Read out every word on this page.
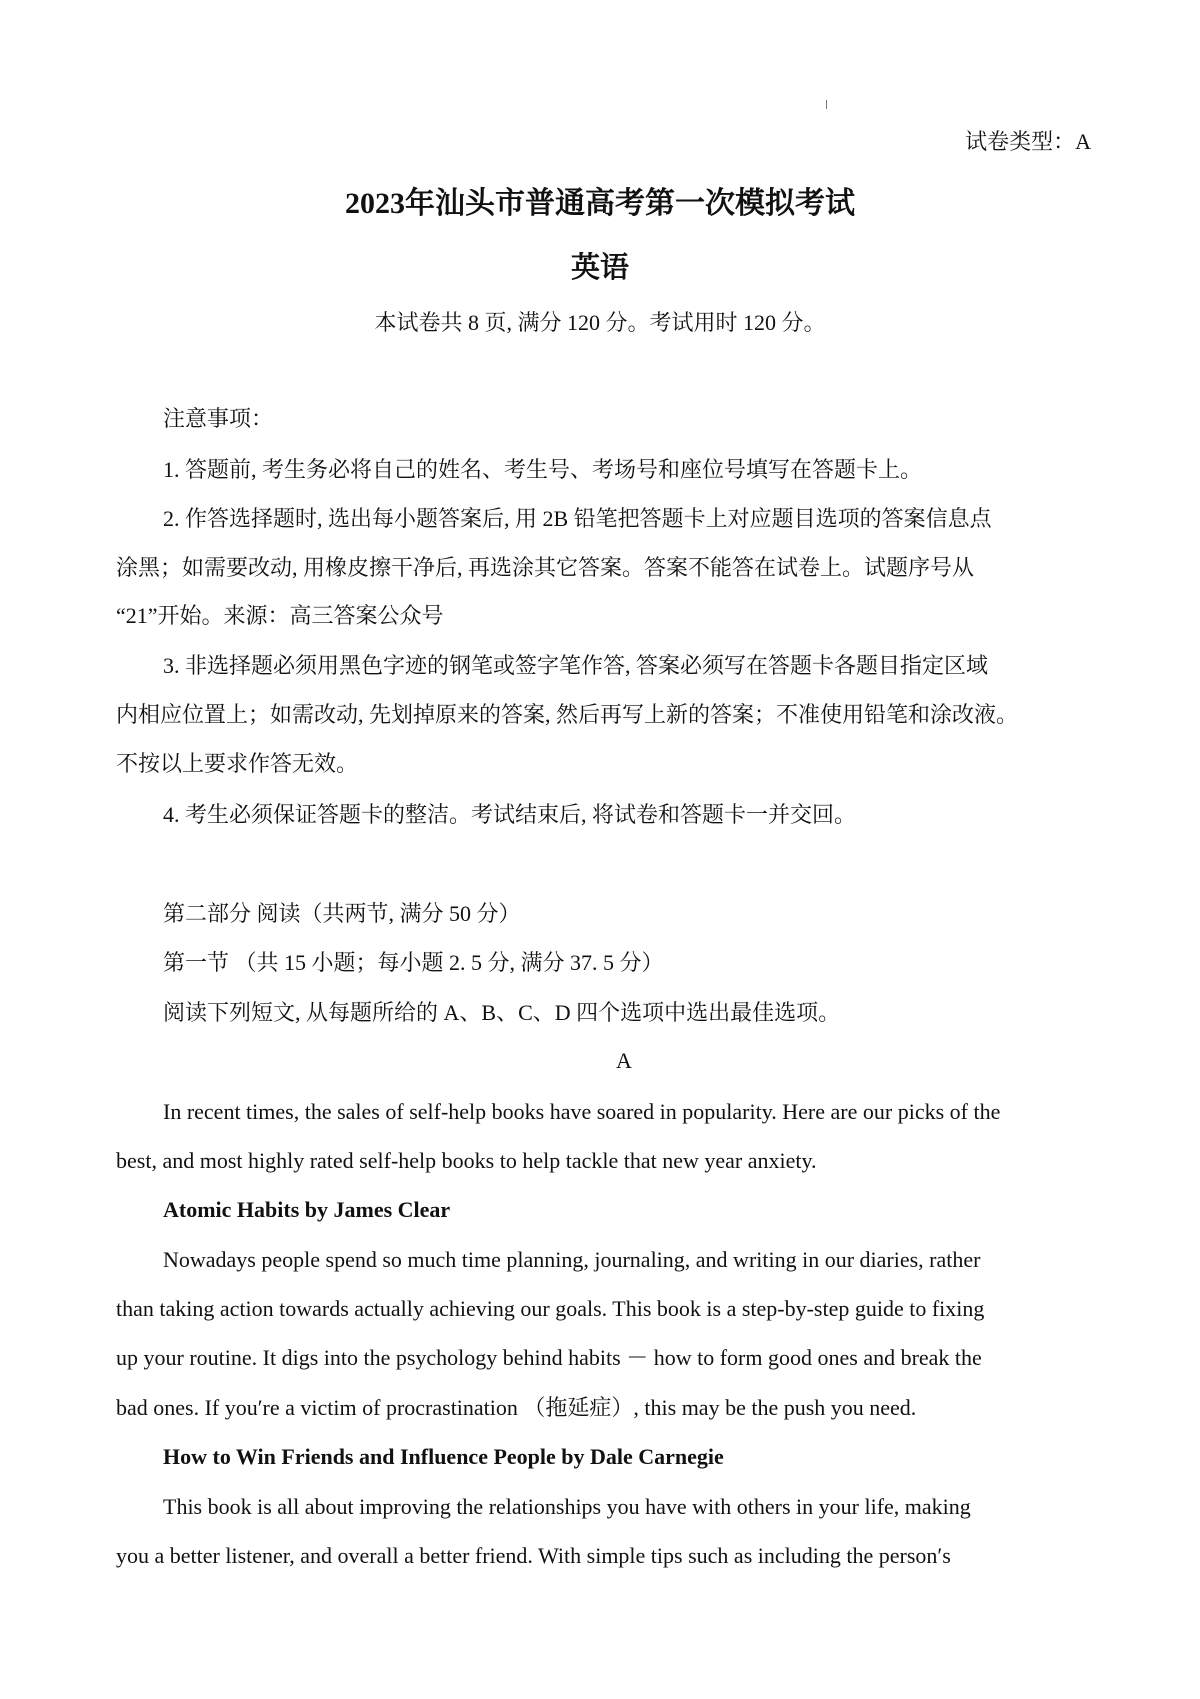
试卷类型：A
2023年汕头市普通高考第一次模拟考试
英语
本试卷共 8 页, 满分 120 分。考试用时 120 分。
注意事项：
1. 答题前, 考生务必将自己的姓名、考生号、考场号和座位号填写在答题卡上。
2. 作答选择题时, 选出每小题答案后, 用 2B 铅笔把答题卡上对应题目选项的答案信息点
涂黑；如需要改动, 用橡皮擦干净后, 再选涂其它答案。答案不能答在试卷上。试题序号从
“21”开始。来源：高三答案公众号
3. 非选择题必须用黑色字迹的钢笔或签字笔作答, 答案必须写在答题卡各题目指定区域
内相应位置上；如需改动, 先划掉原来的答案, 然后再写上新的答案；不准使用铅笔和涂改液。
不按以上要求作答无效。
4. 考生必须保证答题卡的整洁。考试结束后, 将试卷和答题卡一并交回。
第二部分 阅读（共两节, 满分 50 分）
第一节 （共 15 小题；每小题 2. 5 分, 满分 37. 5 分）
阅读下列短文, 从每题所给的 A、B、C、D 四个选项中选出最佳选项。
A
In recent times, the sales of self-help books have soared in popularity. Here are our picks of the
best, and most highly rated self-help books to help tackle that new year anxiety.
Atomic Habits by James Clear
Nowadays people spend so much time planning, journaling, and writing in our diaries, rather
than taking action towards actually achieving our goals. This book is a step-by-step guide to fixing
up your routine. It digs into the psychology behind habits － how to form good ones and break the
bad ones. If you′re a victim of procrastination （拖延症）, this may be the push you need.
How to Win Friends and Influence People by Dale Carnegie
This book is all about improving the relationships you have with others in your life, making
you a better listener, and overall a better friend. With simple tips such as including the person′s
